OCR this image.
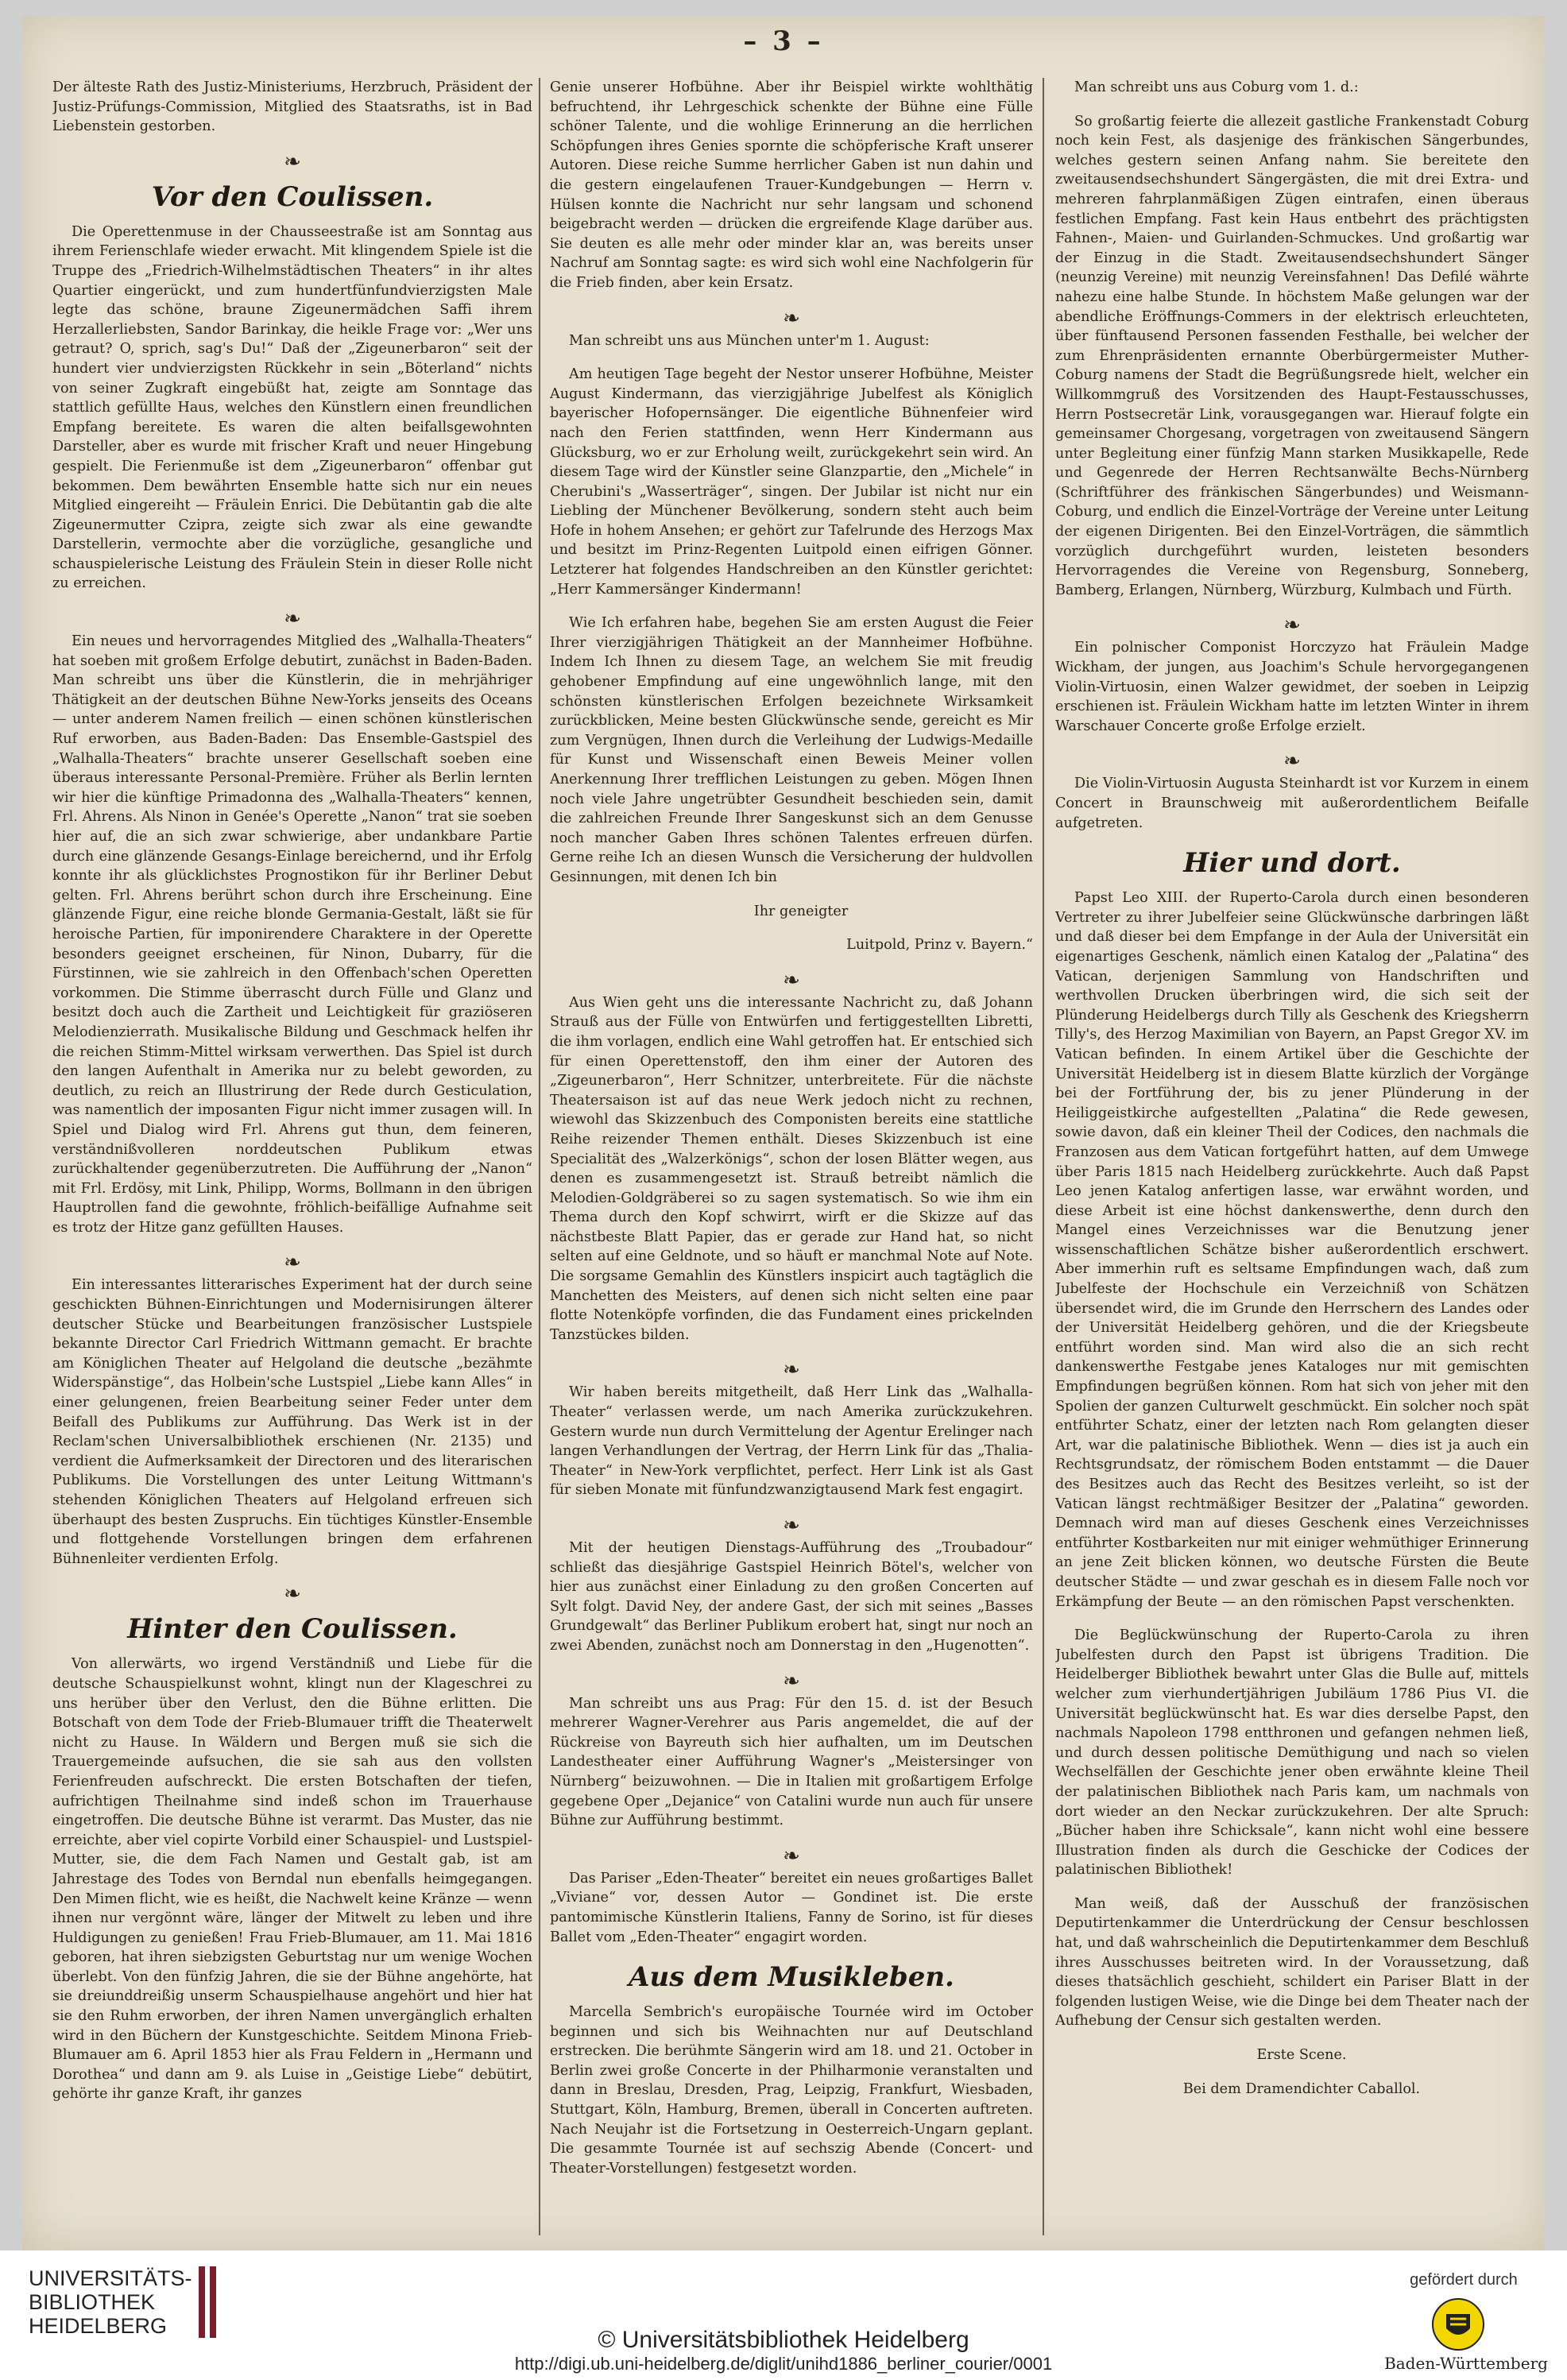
– 3 –

Der älteste Rath des Justiz-Ministeriums, Herzbruch, Präsident der Justiz-Prüfungs-Commission, Mitglied des Staatsraths, ist in Bad Liebenstein gestorben.

❧
Vor den Coulissen.

Die Operettenmuse in der Chausseestraße ist am Sonntag aus ihrem Ferienschlafe wieder erwacht. Mit klingendem Spiele ist die Truppe des „Friedrich-Wilhelmstädtischen Theaters“ in ihr altes Quartier eingerückt, und zum hundertfünfundvierzigsten Male legte das schöne, braune Zigeunermädchen Saffi ihrem Herzallerliebsten, Sandor Barinkay, die heikle Frage vor: „Wer uns getraut? O, sprich, sag's Du!“ Daß der „Zigeunerbaron“ seit der hundert vier undvierzigsten Rückkehr in sein „Böterland“ nichts von seiner Zugkraft eingebüßt hat, zeigte am Sonntage das stattlich gefüllte Haus, welches den Künstlern einen freundlichen Empfang bereitete. Es waren die alten beifallsgewohnten Darsteller, aber es wurde mit frischer Kraft und neuer Hingebung gespielt. Die Ferienmuße ist dem „Zigeunerbaron“ offenbar gut bekommen. Dem bewährten Ensemble hatte sich nur ein neues Mitglied eingereiht — Fräulein Enrici. Die Debütantin gab die alte Zigeunermutter Czipra, zeigte sich zwar als eine gewandte Darstellerin, vermochte aber die vorzügliche, gesangliche und schauspielerische Leistung des Fräulein Stein in dieser Rolle nicht zu erreichen.

❧

Ein neues und hervorragendes Mitglied des „Walhalla-Theaters“ hat soeben mit großem Erfolge debutirt, zunächst in Baden-Baden. Man schreibt uns über die Künstlerin, die in mehrjähriger Thätigkeit an der deutschen Bühne New-Yorks jenseits des Oceans — unter anderem Namen freilich — einen schönen künstlerischen Ruf erworben, aus Baden-Baden: Das Ensemble-Gastspiel des „Walhalla-Theaters“ brachte unserer Gesellschaft soeben eine überaus interessante Personal-Première. Früher als Berlin lernten wir hier die künftige Primadonna des „Walhalla-Theaters“ kennen, Frl. Ahrens. Als Ninon in Genée's Operette „Nanon“ trat sie soeben hier auf, die an sich zwar schwierige, aber undankbare Partie durch eine glänzende Gesangs-Einlage bereichernd, und ihr Erfolg konnte ihr als glücklichstes Prognostikon für ihr Berliner Debut gelten. Frl. Ahrens berührt schon durch ihre Erscheinung. Eine glänzende Figur, eine reiche blonde Germania-Gestalt, läßt sie für heroische Partien, für imponirendere Charaktere in der Operette besonders geeignet erscheinen, für Ninon, Dubarry, für die Fürstinnen, wie sie zahlreich in den Offenbach'schen Operetten vorkommen. Die Stimme überrascht durch Fülle und Glanz und besitzt doch auch die Zartheit und Leichtigkeit für graziöseren Melodienzierrath. Musikalische Bildung und Geschmack helfen ihr die reichen Stimm-Mittel wirksam verwerthen. Das Spiel ist durch den langen Aufenthalt in Amerika nur zu belebt geworden, zu deutlich, zu reich an Illustrirung der Rede durch Gesticulation, was namentlich der imposanten Figur nicht immer zusagen will. In Spiel und Dialog wird Frl. Ahrens gut thun, dem feineren, verständnißvolleren norddeutschen Publikum etwas zurückhaltender gegenüberzutreten. Die Aufführung der „Nanon“ mit Frl. Erdösy, mit Link, Philipp, Worms, Bollmann in den übrigen Hauptrollen fand die gewohnte, fröhlich-beifällige Aufnahme seit es trotz der Hitze ganz gefüllten Hauses.

❧

Ein interessantes litterarisches Experiment hat der durch seine geschickten Bühnen-Einrichtungen und Modernisirungen älterer deutscher Stücke und Bearbeitungen französischer Lustspiele bekannte Director Carl Friedrich Wittmann gemacht. Er brachte am Königlichen Theater auf Helgoland die deutsche „bezähmte Widerspänstige“, das Holbein'sche Lustspiel „Liebe kann Alles“ in einer gelungenen, freien Bearbeitung seiner Feder unter dem Beifall des Publikums zur Aufführung. Das Werk ist in der Reclam'schen Universalbibliothek erschienen (Nr. 2135) und verdient die Aufmerksamkeit der Directoren und des literarischen Publikums. Die Vorstellungen des unter Leitung Wittmann's stehenden Königlichen Theaters auf Helgoland erfreuen sich überhaupt des besten Zuspruchs. Ein tüchtiges Künstler-Ensemble und flottgehende Vorstellungen bringen dem erfahrenen Bühnenleiter verdienten Erfolg.

❧
Hinter den Coulissen.

Von allerwärts, wo irgend Verständniß und Liebe für die deutsche Schauspielkunst wohnt, klingt nun der Klageschrei zu uns herüber über den Verlust, den die Bühne erlitten. Die Botschaft von dem Tode der Frieb-Blumauer trifft die Theaterwelt nicht zu Hause. In Wäldern und Bergen muß sie sich die Trauergemeinde aufsuchen, die sie sah aus den vollsten Ferienfreuden aufschreckt. Die ersten Botschaften der tiefen, aufrichtigen Theilnahme sind indeß schon im Trauerhause eingetroffen. Die deutsche Bühne ist verarmt. Das Muster, das nie erreichte, aber viel copirte Vorbild einer Schauspiel- und Lustspiel-Mutter, sie, die dem Fach Namen und Gestalt gab, ist am Jahrestage des Todes von Berndal nun ebenfalls heimgegangen. Den Mimen flicht, wie es heißt, die Nachwelt keine Kränze — wenn ihnen nur vergönnt wäre, länger der Mitwelt zu leben und ihre Huldigungen zu genießen! Frau Frieb-Blumauer, am 11. Mai 1816 geboren, hat ihren siebzigsten Geburtstag nur um wenige Wochen überlebt. Von den fünfzig Jahren, die sie der Bühne angehörte, hat sie dreiunddreißig unserm Schauspielhause angehört und hier hat sie den Ruhm erworben, der ihren Namen unvergänglich erhalten wird in den Büchern der Kunstgeschichte. Seitdem Minona Frieb-Blumauer am 6. April 1853 hier als Frau Feldern in „Hermann und Dorothea“ und dann am 9. als Luise in „Geistige Liebe“ debütirt, gehörte ihr ganze Kraft, ihr ganzes

Genie unserer Hofbühne. Aber ihr Beispiel wirkte wohlthätig befruchtend, ihr Lehrgeschick schenkte der Bühne eine Fülle schöner Talente, und die wohlige Erinnerung an die herrlichen Schöpfungen ihres Genies spornte die schöpferische Kraft unserer Autoren. Diese reiche Summe herrlicher Gaben ist nun dahin und die gestern eingelaufenen Trauer-Kundgebungen — Herrn v. Hülsen konnte die Nachricht nur sehr langsam und schonend beigebracht werden — drücken die ergreifende Klage darüber aus. Sie deuten es alle mehr oder minder klar an, was bereits unser Nachruf am Sonntag sagte: es wird sich wohl eine Nachfolgerin für die Frieb finden, aber kein Ersatz.

❧

Man schreibt uns aus München unter'm 1. August:

Am heutigen Tage begeht der Nestor unserer Hofbühne, Meister August Kindermann, das vierzigjährige Jubelfest als Königlich bayerischer Hofopernsänger. Die eigentliche Bühnenfeier wird nach den Ferien stattfinden, wenn Herr Kindermann aus Glücksburg, wo er zur Erholung weilt, zurückgekehrt sein wird. An diesem Tage wird der Künstler seine Glanzpartie, den „Michele“ in Cherubini's „Wasserträger“, singen. Der Jubilar ist nicht nur ein Liebling der Münchener Bevölkerung, sondern steht auch beim Hofe in hohem Ansehen; er gehört zur Tafelrunde des Herzogs Max und besitzt im Prinz-Regenten Luitpold einen eifrigen Gönner. Letzterer hat folgendes Handschreiben an den Künstler gerichtet: „Herr Kammersänger Kindermann!

Wie Ich erfahren habe, begehen Sie am ersten August die Feier Ihrer vierzigjährigen Thätigkeit an der Mannheimer Hofbühne. Indem Ich Ihnen zu diesem Tage, an welchem Sie mit freudig gehobener Empfindung auf eine ungewöhnlich lange, mit den schönsten künstlerischen Erfolgen bezeichnete Wirksamkeit zurückblicken, Meine besten Glückwünsche sende, gereicht es Mir zum Vergnügen, Ihnen durch die Verleihung der Ludwigs-Medaille für Kunst und Wissenschaft einen Beweis Meiner vollen Anerkennung Ihrer trefflichen Leistungen zu geben. Mögen Ihnen noch viele Jahre ungetrübter Gesundheit beschieden sein, damit die zahlreichen Freunde Ihrer Sangeskunst sich an dem Genusse noch mancher Gaben Ihres schönen Talentes erfreuen dürfen. Gerne reihe Ich an diesen Wunsch die Versicherung der huldvollen Gesinnungen, mit denen Ich bin

Ihr geneigter

Luitpold, Prinz v. Bayern.“

❧

Aus Wien geht uns die interessante Nachricht zu, daß Johann Strauß aus der Fülle von Entwürfen und fertiggestellten Libretti, die ihm vorlagen, endlich eine Wahl getroffen hat. Er entschied sich für einen Operettenstoff, den ihm einer der Autoren des „Zigeunerbaron“, Herr Schnitzer, unterbreitete. Für die nächste Theatersaison ist auf das neue Werk jedoch nicht zu rechnen, wiewohl das Skizzenbuch des Componisten bereits eine stattliche Reihe reizender Themen enthält. Dieses Skizzenbuch ist eine Specialität des „Walzerkönigs“, schon der losen Blätter wegen, aus denen es zusammengesetzt ist. Strauß betreibt nämlich die Melodien-Goldgräberei so zu sagen systematisch. So wie ihm ein Thema durch den Kopf schwirrt, wirft er die Skizze auf das nächstbeste Blatt Papier, das er gerade zur Hand hat, so nicht selten auf eine Geldnote, und so häuft er manchmal Note auf Note. Die sorgsame Gemahlin des Künstlers inspicirt auch tagtäglich die Manchetten des Meisters, auf denen sich nicht selten eine paar flotte Notenköpfe vorfinden, die das Fundament eines prickelnden Tanzstückes bilden.

❧

Wir haben bereits mitgetheilt, daß Herr Link das „Walhalla-Theater“ verlassen werde, um nach Amerika zurückzukehren. Gestern wurde nun durch Vermittelung der Agentur Erelinger nach langen Verhandlungen der Vertrag, der Herrn Link für das „Thalia-Theater“ in New-York verpflichtet, perfect. Herr Link ist als Gast für sieben Monate mit fünfundzwanzigtausend Mark fest engagirt.

❧

Mit der heutigen Dienstags-Aufführung des „Troubadour“ schließt das diesjährige Gastspiel Heinrich Bötel's, welcher von hier aus zunächst einer Einladung zu den großen Concerten auf Sylt folgt. David Ney, der andere Gast, der sich mit seines „Basses Grundgewalt“ das Berliner Publikum erobert hat, singt nur noch an zwei Abenden, zunächst noch am Donnerstag in den „Hugenotten“.

❧

Man schreibt uns aus Prag: Für den 15. d. ist der Besuch mehrerer Wagner-Verehrer aus Paris angemeldet, die auf der Rückreise von Bayreuth sich hier aufhalten, um im Deutschen Landestheater einer Aufführung Wagner's „Meistersinger von Nürnberg“ beizuwohnen. — Die in Italien mit großartigem Erfolge gegebene Oper „Dejanice“ von Catalini wurde nun auch für unsere Bühne zur Aufführung bestimmt.

❧

Das Pariser „Eden-Theater“ bereitet ein neues großartiges Ballet „Viviane“ vor, dessen Autor — Gondinet ist. Die erste pantomimische Künstlerin Italiens, Fanny de Sorino, ist für dieses Ballet vom „Eden-Theater“ engagirt worden.

Aus dem Musikleben.

Marcella Sembrich's europäische Tournée wird im October beginnen und sich bis Weihnachten nur auf Deutschland erstrecken. Die berühmte Sängerin wird am 18. und 21. October in Berlin zwei große Concerte in der Philharmonie veranstalten und dann in Breslau, Dresden, Prag, Leipzig, Frankfurt, Wiesbaden, Stuttgart, Köln, Hamburg, Bremen, überall in Concerten auftreten. Nach Neujahr ist die Fortsetzung in Oesterreich-Ungarn geplant. Die gesammte Tournée ist auf sechszig Abende (Concert- und Theater-Vorstellungen) festgesetzt worden.

Man schreibt uns aus Coburg vom 1. d.:

So großartig feierte die allezeit gastliche Frankenstadt Coburg noch kein Fest, als dasjenige des fränkischen Sängerbundes, welches gestern seinen Anfang nahm. Sie bereitete den zweitausendsechshundert Sängergästen, die mit drei Extra- und mehreren fahrplanmäßigen Zügen eintrafen, einen überaus festlichen Empfang. Fast kein Haus entbehrt des prächtigsten Fahnen-, Maien- und Guirlanden-Schmuckes. Und großartig war der Einzug in die Stadt. Zweitausendsechshundert Sänger (neunzig Vereine) mit neunzig Vereinsfahnen! Das Defilé währte nahezu eine halbe Stunde. In höchstem Maße gelungen war der abendliche Eröffnungs-Commers in der elektrisch erleuchteten, über fünftausend Personen fassenden Festhalle, bei welcher der zum Ehrenpräsidenten ernannte Oberbürgermeister Muther-Coburg namens der Stadt die Begrüßungsrede hielt, welcher ein Willkommgruß des Vorsitzenden des Haupt-Festausschusses, Herrn Postsecretär Link, vorausgegangen war. Hierauf folgte ein gemeinsamer Chorgesang, vorgetragen von zweitausend Sängern unter Begleitung einer fünfzig Mann starken Musikkapelle, Rede und Gegenrede der Herren Rechtsanwälte Bechs-Nürnberg (Schriftführer des fränkischen Sängerbundes) und Weismann-Coburg, und endlich die Einzel-Vorträge der Vereine unter Leitung der eigenen Dirigenten. Bei den Einzel-Vorträgen, die sämmtlich vorzüglich durchgeführt wurden, leisteten besonders Hervorragendes die Vereine von Regensburg, Sonneberg, Bamberg, Erlangen, Nürnberg, Würzburg, Kulmbach und Fürth.

❧

Ein polnischer Componist Horczyzo hat Fräulein Madge Wickham, der jungen, aus Joachim's Schule hervorgegangenen Violin-Virtuosin, einen Walzer gewidmet, der soeben in Leipzig erschienen ist. Fräulein Wickham hatte im letzten Winter in ihrem Warschauer Concerte große Erfolge erzielt.

❧

Die Violin-Virtuosin Augusta Steinhardt ist vor Kurzem in einem Concert in Braunschweig mit außerordentlichem Beifalle aufgetreten.

Hier und dort.

Papst Leo XIII. der Ruperto-Carola durch einen besonderen Vertreter zu ihrer Jubelfeier seine Glückwünsche darbringen läßt und daß dieser bei dem Empfange in der Aula der Universität ein eigenartiges Geschenk, nämlich einen Katalog der „Palatina“ des Vatican, derjenigen Sammlung von Handschriften und werthvollen Drucken überbringen wird, die sich seit der Plünderung Heidelbergs durch Tilly als Geschenk des Kriegsherrn Tilly's, des Herzog Maximilian von Bayern, an Papst Gregor XV. im Vatican befinden. In einem Artikel über die Geschichte der Universität Heidelberg ist in diesem Blatte kürzlich der Vorgänge bei der Fortführung der, bis zu jener Plünderung in der Heiliggeistkirche aufgestellten „Palatina“ die Rede gewesen, sowie davon, daß ein kleiner Theil der Codices, den nachmals die Franzosen aus dem Vatican fortgeführt hatten, auf dem Umwege über Paris 1815 nach Heidelberg zurückkehrte. Auch daß Papst Leo jenen Katalog anfertigen lasse, war erwähnt worden, und diese Arbeit ist eine höchst dankenswerthe, denn durch den Mangel eines Verzeichnisses war die Benutzung jener wissenschaftlichen Schätze bisher außerordentlich erschwert. Aber immerhin ruft es seltsame Empfindungen wach, daß zum Jubelfeste der Hochschule ein Verzeichniß von Schätzen übersendet wird, die im Grunde den Herrschern des Landes oder der Universität Heidelberg gehören, und die der Kriegsbeute entführt worden sind. Man wird also die an sich recht dankenswerthe Festgabe jenes Kataloges nur mit gemischten Empfindungen begrüßen können. Rom hat sich von jeher mit den Spolien der ganzen Culturwelt geschmückt. Ein solcher noch spät entführter Schatz, einer der letzten nach Rom gelangten dieser Art, war die palatinische Bibliothek. Wenn — dies ist ja auch ein Rechtsgrundsatz, der römischem Boden entstammt — die Dauer des Besitzes auch das Recht des Besitzes verleiht, so ist der Vatican längst rechtmäßiger Besitzer der „Palatina“ geworden. Demnach wird man auf dieses Geschenk eines Verzeichnisses entführter Kostbarkeiten nur mit einiger wehmüthiger Erinnerung an jene Zeit blicken können, wo deutsche Fürsten die Beute deutscher Städte — und zwar geschah es in diesem Falle noch vor Erkämpfung der Beute — an den römischen Papst verschenkten.

Die Beglückwünschung der Ruperto-Carola zu ihren Jubelfesten durch den Papst ist übrigens Tradition. Die Heidelberger Bibliothek bewahrt unter Glas die Bulle auf, mittels welcher zum vierhundertjährigen Jubiläum 1786 Pius VI. die Universität beglückwünscht hat. Es war dies derselbe Papst, den nachmals Napoleon 1798 entthronen und gefangen nehmen ließ, und durch dessen politische Demüthigung und nach so vielen Wechselfällen der Geschichte jener oben erwähnte kleine Theil der palatinischen Bibliothek nach Paris kam, um nachmals von dort wieder an den Neckar zurückzukehren. Der alte Spruch: „Bücher haben ihre Schicksale“, kann nicht wohl eine bessere Illustration finden als durch die Geschicke der Codices der palatinischen Bibliothek!

Man weiß, daß der Ausschuß der französischen Deputirtenkammer die Unterdrückung der Censur beschlossen hat, und daß wahrscheinlich die Deputirtenkammer dem Beschluß ihres Ausschusses beitreten wird. In der Voraussetzung, daß dieses thatsächlich geschieht, schildert ein Pariser Blatt in der folgenden lustigen Weise, wie die Dinge bei dem Theater nach der Aufhebung der Censur sich gestalten werden.

Erste Scene.

Bei dem Dramendichter Caballol.

UNIVERSITÄTS-
BIBLIOTHEK
HEIDELBERG
© Universitätsbibliothek Heidelberg
http://digi.ub.uni-heidelberg.de/diglit/unihd1886_berliner_courier/0001
gefördert durch
Baden-Württemberg
